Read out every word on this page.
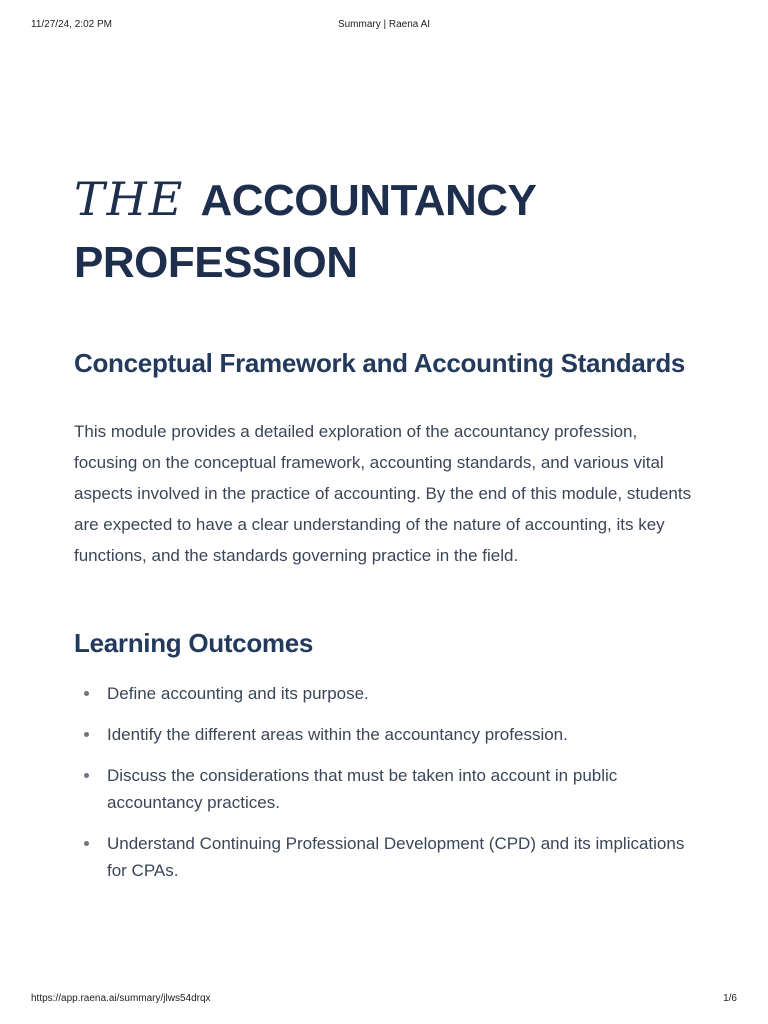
11/27/24, 2:02 PM	Summary | Raena AI
THE ACCOUNTANCY PROFESSION
Conceptual Framework and Accounting Standards

This module provides a detailed exploration of the accountancy profession, focusing on the conceptual framework, accounting standards, and various vital aspects involved in the practice of accounting. By the end of this module, students are expected to have a clear understanding of the nature of accounting, its key functions, and the standards governing practice in the field.

Learning Outcomes
Define accounting and its purpose.
Identify the different areas within the accountancy profession.
Discuss the considerations that must be taken into account in public accountancy practices.
Understand Continuing Professional Development (CPD) and its implications for CPAs.
https://app.raena.ai/summary/jlws54drqx	1/6
